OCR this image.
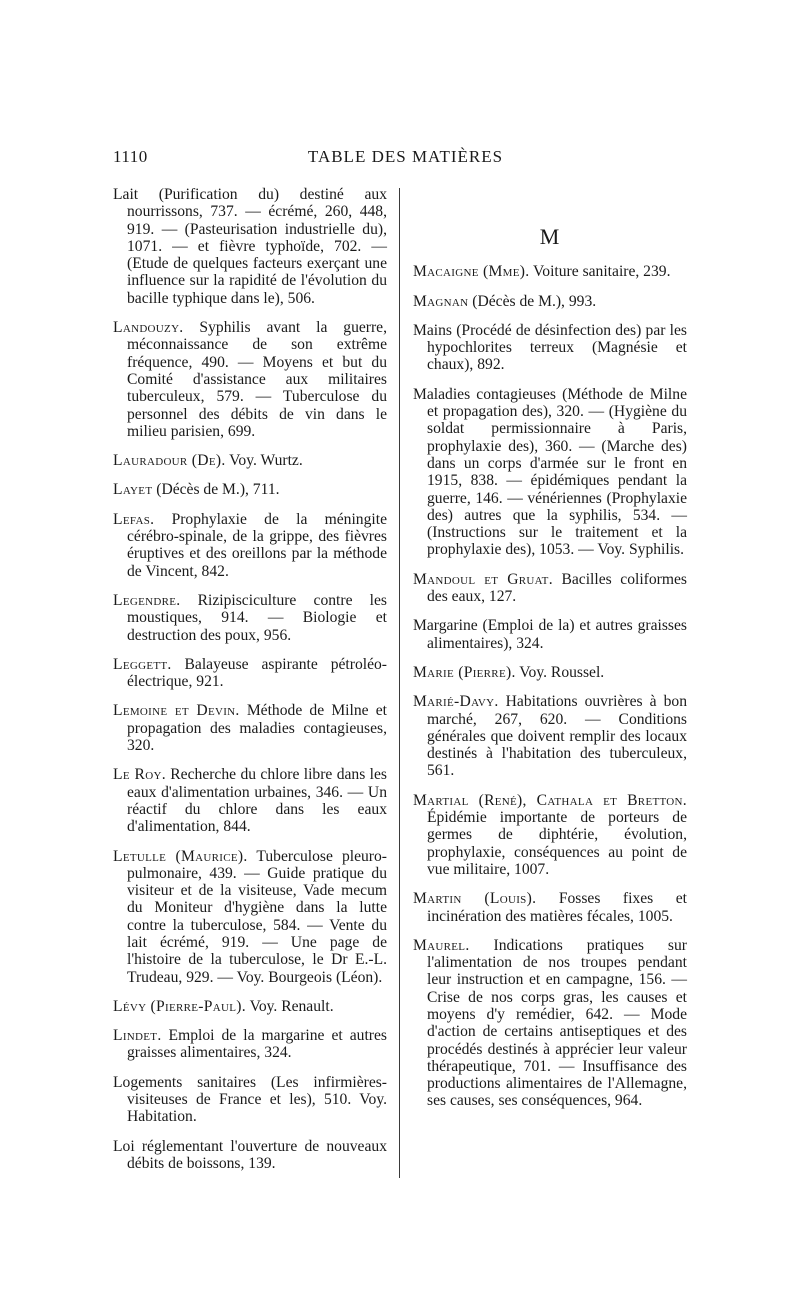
1110	TABLE DES MATIÈRES

Lait (Purification du) destiné aux nourrissons, 737. — écrémé, 260, 448, 919. — (Pasteurisation industrielle du), 1071. — et fièvre typhoïde, 702. — (Etude de quelques facteurs exerçant une influence sur la rapidité de l'évolution du bacille typhique dans le), 506.

Landouzy. Syphilis avant la guerre, méconnaissance de son extrême fréquence, 490. — Moyens et but du Comité d'assistance aux militaires tuberculeux, 579. — Tuberculose du personnel des débits de vin dans le milieu parisien, 699.

Lauradour (De). Voy. Wurtz.

Layet (Décès de M.), 711.

Lefas. Prophylaxie de la méningite cérébro-spinale, de la grippe, des fièvres éruptives et des oreillons par la méthode de Vincent, 842.

Legendre. Rizipisciculture contre les moustiques, 914. — Biologie et destruction des poux, 956.

Leggett. Balayeuse aspirante pétroléo-électrique, 921.

Lemoine et Devin. Méthode de Milne et propagation des maladies contagieuses, 320.

Le Roy. Recherche du chlore libre dans les eaux d'alimentation urbaines, 346. — Un réactif du chlore dans les eaux d'alimentation, 844.

Letulle (Maurice). Tuberculose pleuro-pulmonaire, 439. — Guide pratique du visiteur et de la visiteuse, Vade mecum du Moniteur d'hygiène dans la lutte contre la tuberculose, 584. — Vente du lait écrémé, 919. — Une page de l'histoire de la tuberculose, le Dr E.-L. Trudeau, 929. — Voy. Bourgeois (Léon).

Lévy (Pierre-Paul). Voy. Renault.

Lindet. Emploi de la margarine et autres graisses alimentaires, 324.

Logements sanitaires (Les infirmières-visiteuses de France et les), 510. Voy. Habitation.

Loi réglementant l'ouverture de nouveaux débits de boissons, 139.

M

Macaigne (Mme). Voiture sanitaire, 239.

Magnan (Décès de M.), 993.

Mains (Procédé de désinfection des) par les hypochlorites terreux (Magnésie et chaux), 892.

Maladies contagieuses (Méthode de Milne et propagation des), 320. — (Hygiène du soldat permissionnaire à Paris, prophylaxie des), 360. — (Marche des) dans un corps d'armée sur le front en 1915, 838. — épidémiques pendant la guerre, 146. — vénériennes (Prophylaxie des) autres que la syphilis, 534. — (Instructions sur le traitement et la prophylaxie des), 1053. — Voy. Syphilis.

Mandoul et Gruat. Bacilles coliformes des eaux, 127.

Margarine (Emploi de la) et autres graisses alimentaires), 324.

Marie (Pierre). Voy. Roussel.

Marié-Davy. Habitations ouvrières à bon marché, 267, 620. — Conditions générales que doivent remplir des locaux destinés à l'habitation des tuberculeux, 561.

Martial (René), Cathala et Bretton. Épidémie importante de porteurs de germes de diphtérie, évolution, prophylaxie, conséquences au point de vue militaire, 1007.

Martin (Louis). Fosses fixes et incinération des matières fécales, 1005.

Maurel. Indications pratiques sur l'alimentation de nos troupes pendant leur instruction et en campagne, 156. — Crise de nos corps gras, les causes et moyens d'y remédier, 642. — Mode d'action de certains antiseptiques et des procédés destinés à apprécier leur valeur thérapeutique, 701. — Insuffisance des productions alimentaires de l'Allemagne, ses causes, ses conséquences, 964.
